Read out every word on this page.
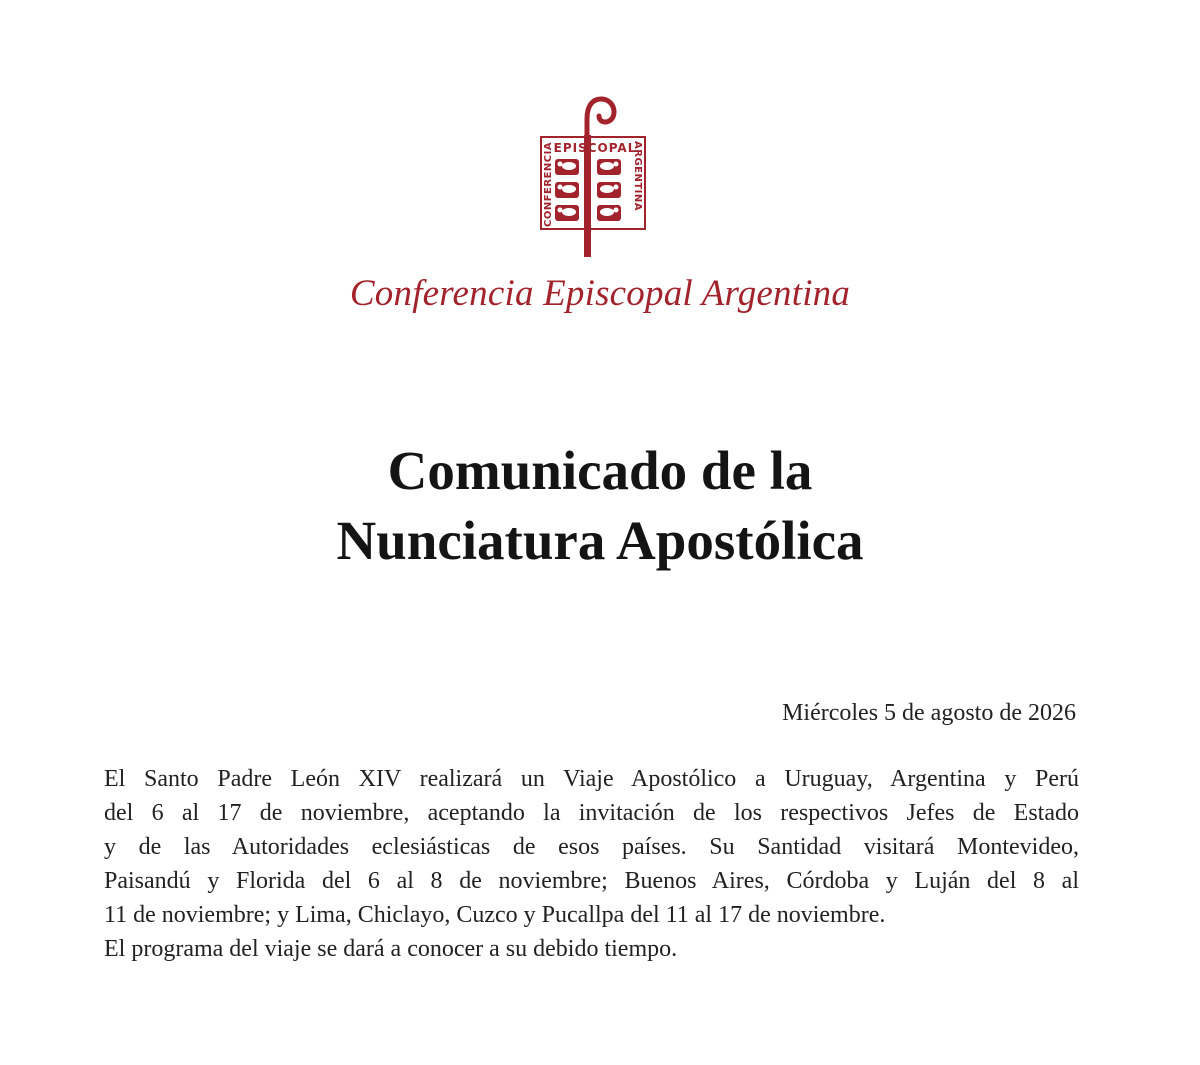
EPISCOPAL
CONFERENCIA	ARGENTINA
Conferencia Episcopal Argentina
Comunicado de la
Nunciatura Apostólica
Miércoles 5 de agosto de 2026
El Santo Padre León XIV realizará un Viaje Apostólico a Uruguay, Argentina y Perú
del 6 al 17 de noviembre, aceptando la invitación de los respectivos Jefes de Estado
y de las Autoridades eclesiásticas de esos países. Su Santidad visitará Montevideo,
Paisandú y Florida del 6 al 8 de noviembre; Buenos Aires, Córdoba y Luján del 8 al
11 de noviembre; y Lima, Chiclayo, Cuzco y Pucallpa del 11 al 17 de noviembre.
El programa del viaje se dará a conocer a su debido tiempo.
